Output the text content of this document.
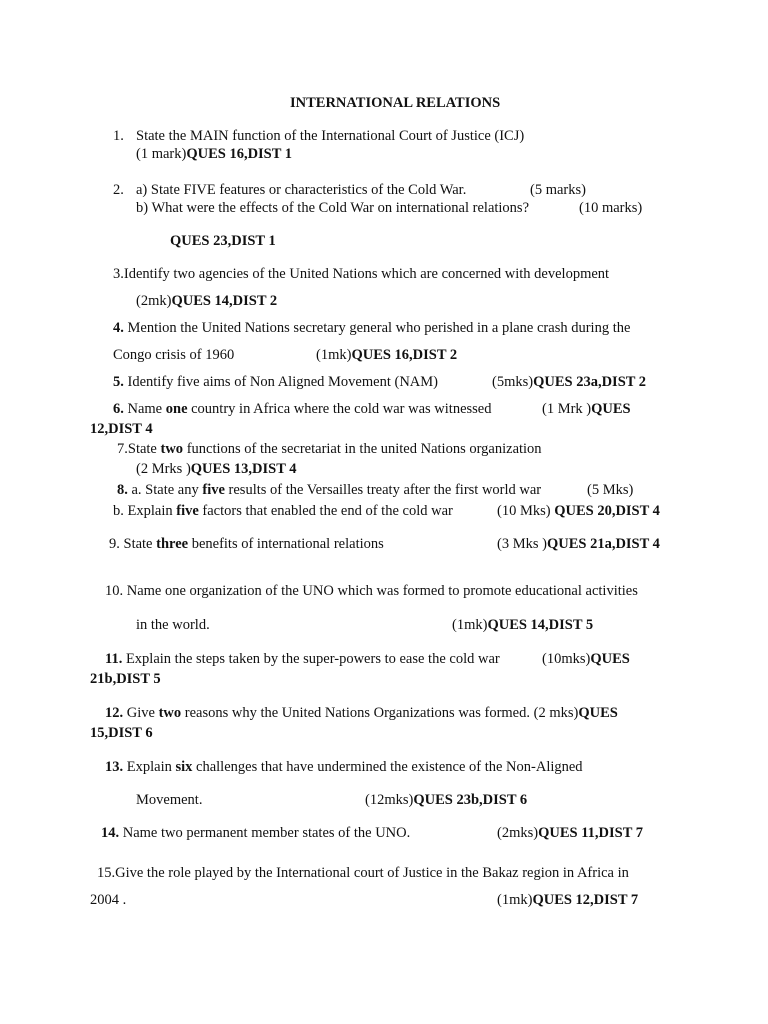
INTERNATIONAL RELATIONS
1. State the MAIN function of the International Court of Justice (ICJ)
(1 mark)QUES 16,DIST 1
2. a) State FIVE features or characteristics of the Cold War.	(5 marks)
b) What were the effects of the Cold War on international relations?	(10 marks)
QUES 23,DIST 1
3.Identify two agencies of the United Nations which are concerned with development
(2mk)QUES 14,DIST 2
4. Mention the United Nations secretary general who perished in a plane crash during the
Congo crisis of 1960	(1mk)QUES 16,DIST 2
5. Identify five aims of Non Aligned Movement (NAM)	(5mks)QUES 23a,DIST 2
6. Name one country in Africa where the cold war was witnessed	(1 Mrk )QUES
12,DIST 4
7.State two functions of the secretariat in the united Nations organization
(2 Mrks )QUES 13,DIST 4
8. a. State any five results of the Versailles treaty after the first world war	(5 Mks)
b. Explain five factors that enabled the end of the cold war	(10 Mks) QUES 20,DIST 4
9. State three benefits of international relations	(3 Mks )QUES 21a,DIST 4
10. Name one organization of the UNO which was formed to promote educational activities
in the world.	(1mk)QUES 14,DIST 5
11. Explain the steps taken by the super-powers to ease the cold war	(10mks)QUES
21b,DIST 5
12. Give two reasons why the United Nations Organizations was formed. (2 mks)QUES
15,DIST 6
13. Explain six challenges that have undermined the existence of the Non-Aligned
Movement.	(12mks)QUES 23b,DIST 6
14. Name two permanent member states of the UNO.	(2mks)QUES 11,DIST 7
15.Give the role played by the International court of Justice in the Bakaz region in Africa in
2004 .	(1mk)QUES 12,DIST 7
